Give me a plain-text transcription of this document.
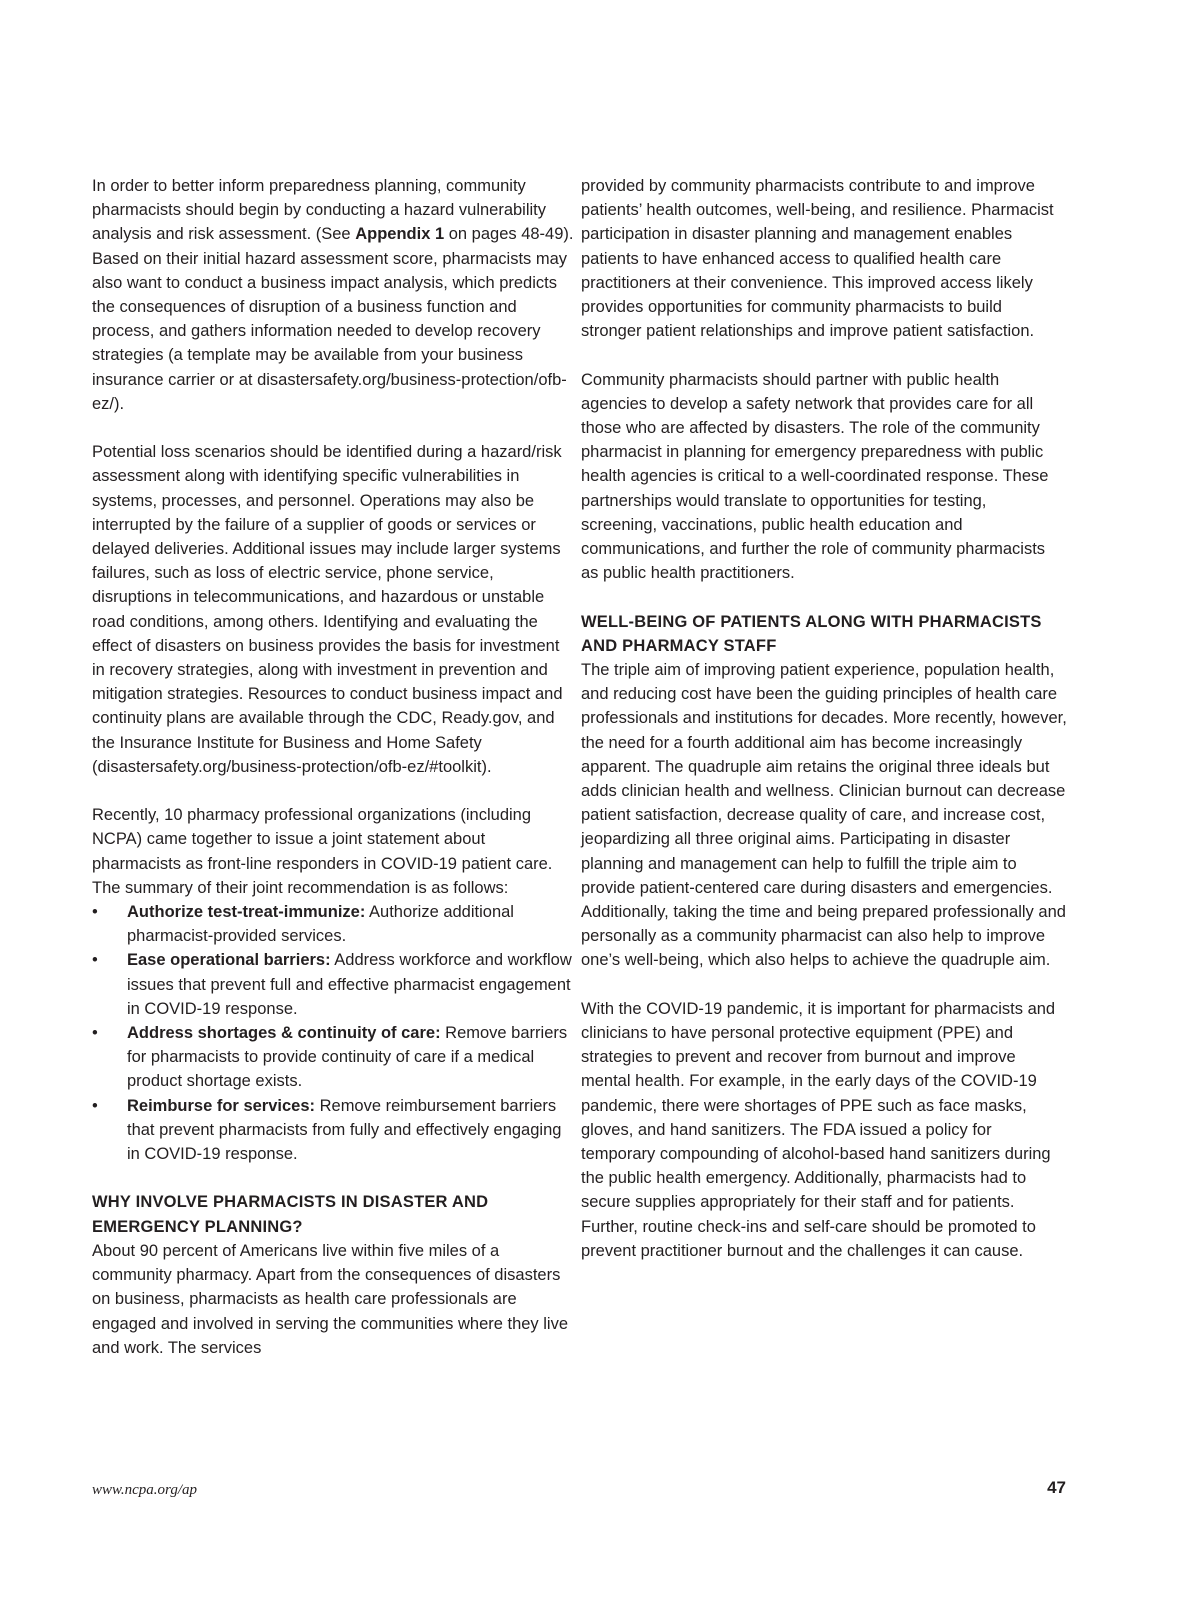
In order to better inform preparedness planning, community pharmacists should begin by conducting a hazard vulnerability analysis and risk assessment. (See Appendix 1 on pages 48-49). Based on their initial hazard assessment score, pharmacists may also want to conduct a business impact analysis, which predicts the consequences of disruption of a business function and process, and gathers information needed to develop recovery strategies (a template may be available from your business insurance carrier or at disastersafety.org/business-protection/ofb-ez/).

Potential loss scenarios should be identified during a hazard/risk assessment along with identifying specific vulnerabilities in systems, processes, and personnel. Operations may also be interrupted by the failure of a supplier of goods or services or delayed deliveries. Additional issues may include larger systems failures, such as loss of electric service, phone service, disruptions in telecommunications, and hazardous or unstable road conditions, among others. Identifying and evaluating the effect of disasters on business provides the basis for investment in recovery strategies, along with investment in prevention and mitigation strategies. Resources to conduct business impact and continuity plans are available through the CDC, Ready.gov, and the Insurance Institute for Business and Home Safety (disastersafety.org/business-protection/ofb-ez/#toolkit).

Recently, 10 pharmacy professional organizations (including NCPA) came together to issue a joint statement about pharmacists as front-line responders in COVID-19 patient care. The summary of their joint recommendation is as follows:

• Authorize test-treat-immunize: Authorize additional pharmacist-provided services.
• Ease operational barriers: Address workforce and workflow issues that prevent full and effective pharmacist engagement in COVID-19 response.
• Address shortages & continuity of care: Remove barriers for pharmacists to provide continuity of care if a medical product shortage exists.
• Reimburse for services: Remove reimbursement barriers that prevent pharmacists from fully and effectively engaging in COVID-19 response.
WHY INVOLVE PHARMACISTS IN DISASTER AND EMERGENCY PLANNING?

About 90 percent of Americans live within five miles of a community pharmacy. Apart from the consequences of disasters on business, pharmacists as health care professionals are engaged and involved in serving the communities where they live and work. The services

provided by community pharmacists contribute to and improve patients’ health outcomes, well-being, and resilience. Pharmacist participation in disaster planning and management enables patients to have enhanced access to qualified health care practitioners at their convenience. This improved access likely provides opportunities for community pharmacists to build stronger patient relationships and improve patient satisfaction.

Community pharmacists should partner with public health agencies to develop a safety network that provides care for all those who are affected by disasters. The role of the community pharmacist in planning for emergency preparedness with public health agencies is critical to a well-coordinated response. These partnerships would translate to opportunities for testing, screening, vaccinations, public health education and communications, and further the role of community pharmacists as public health practitioners.

WELL-BEING OF PATIENTS ALONG WITH PHARMACISTS AND PHARMACY STAFF

The triple aim of improving patient experience, population health, and reducing cost have been the guiding principles of health care professionals and institutions for decades. More recently, however, the need for a fourth additional aim has become increasingly apparent. The quadruple aim retains the original three ideals but adds clinician health and wellness. Clinician burnout can decrease patient satisfaction, decrease quality of care, and increase cost, jeopardizing all three original aims. Participating in disaster planning and management can help to fulfill the triple aim to provide patient-centered care during disasters and emergencies. Additionally, taking the time and being prepared professionally and personally as a community pharmacist can also help to improve one’s well-being, which also helps to achieve the quadruple aim.

With the COVID-19 pandemic, it is important for pharmacists and clinicians to have personal protective equipment (PPE) and strategies to prevent and recover from burnout and improve mental health. For example, in the early days of the COVID-19 pandemic, there were shortages of PPE such as face masks, gloves, and hand sanitizers. The FDA issued a policy for temporary compounding of alcohol-based hand sanitizers during the public health emergency. Additionally, pharmacists had to secure supplies appropriately for their staff and for patients. Further, routine check-ins and self-care should be promoted to prevent practitioner burnout and the challenges it can cause.

www.ncpa.org/ap	47
